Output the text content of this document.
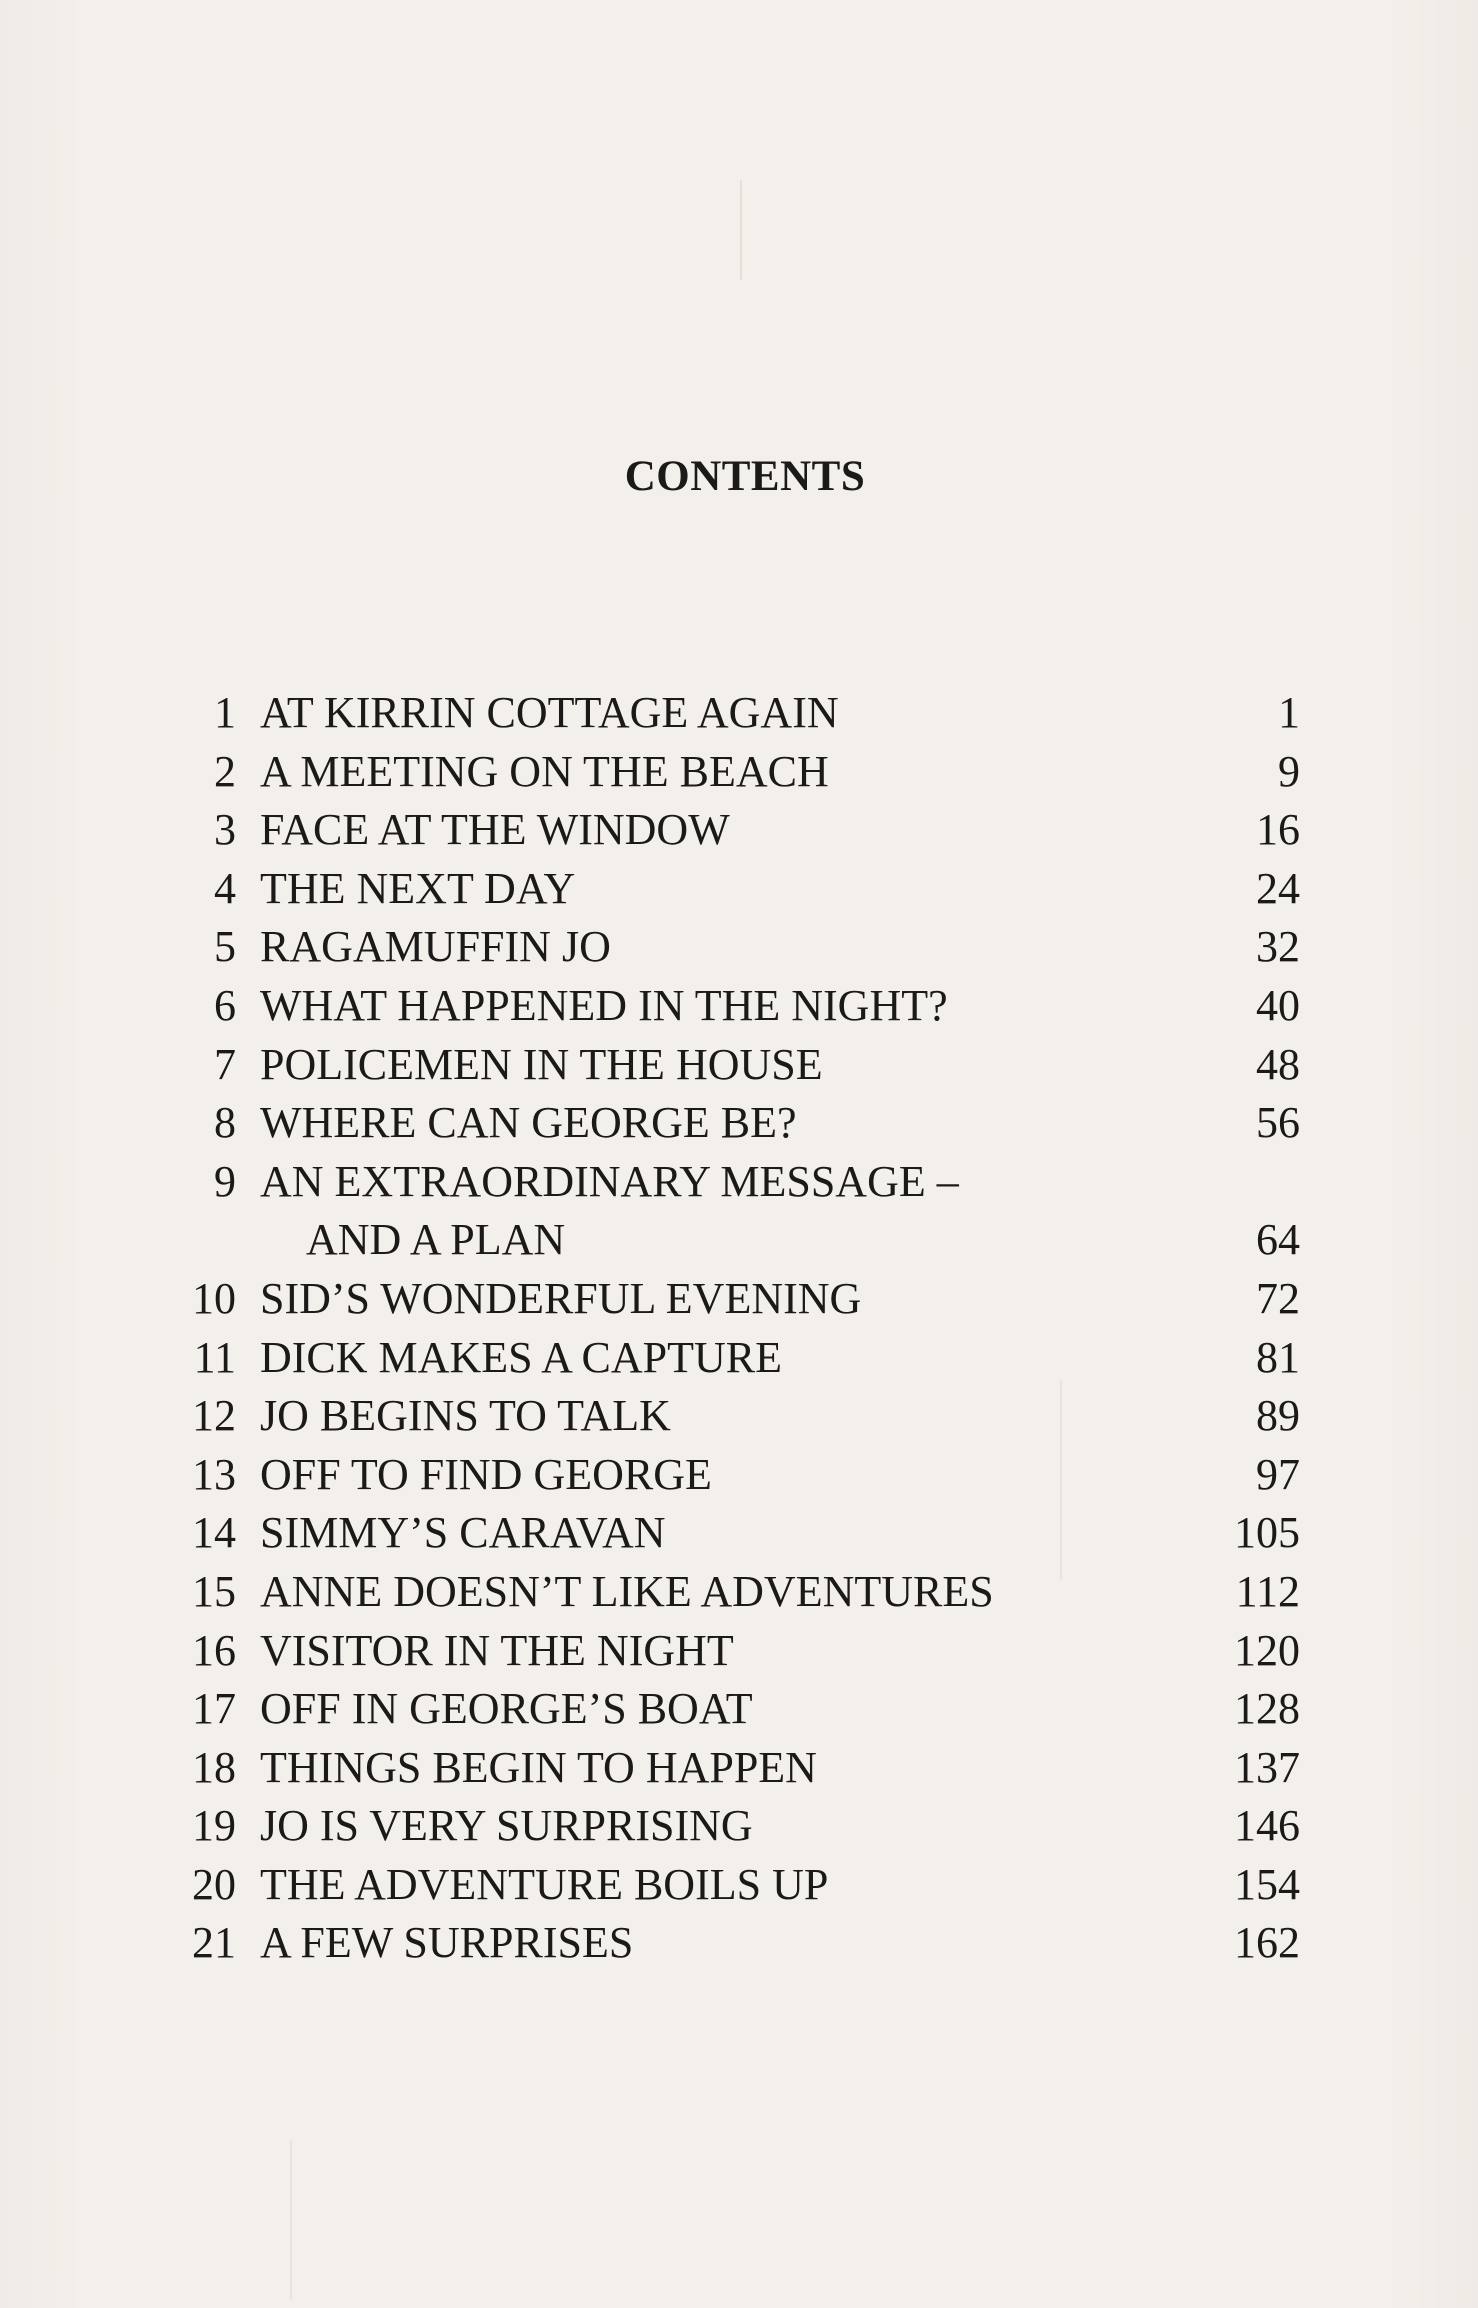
CONTENTS
1 AT KIRRIN COTTAGE AGAIN	1
2 A MEETING ON THE BEACH	9
3 FACE AT THE WINDOW	16
4 THE NEXT DAY	24
5 RAGAMUFFIN JO	32
6 WHAT HAPPENED IN THE NIGHT?	40
7 POLICEMEN IN THE HOUSE	48
8 WHERE CAN GEORGE BE?	56
9 AN EXTRAORDINARY MESSAGE –
AND A PLAN	64
10 SID’S WONDERFUL EVENING	72
11 DICK MAKES A CAPTURE	81
12 JO BEGINS TO TALK	89
13 OFF TO FIND GEORGE	97
14 SIMMY’S CARAVAN	105
15 ANNE DOESN’T LIKE ADVENTURES	112
16 VISITOR IN THE NIGHT	120
17 OFF IN GEORGE’S BOAT	128
18 THINGS BEGIN TO HAPPEN	137
19 JO IS VERY SURPRISING	146
20 THE ADVENTURE BOILS UP	154
21 A FEW SURPRISES	162
